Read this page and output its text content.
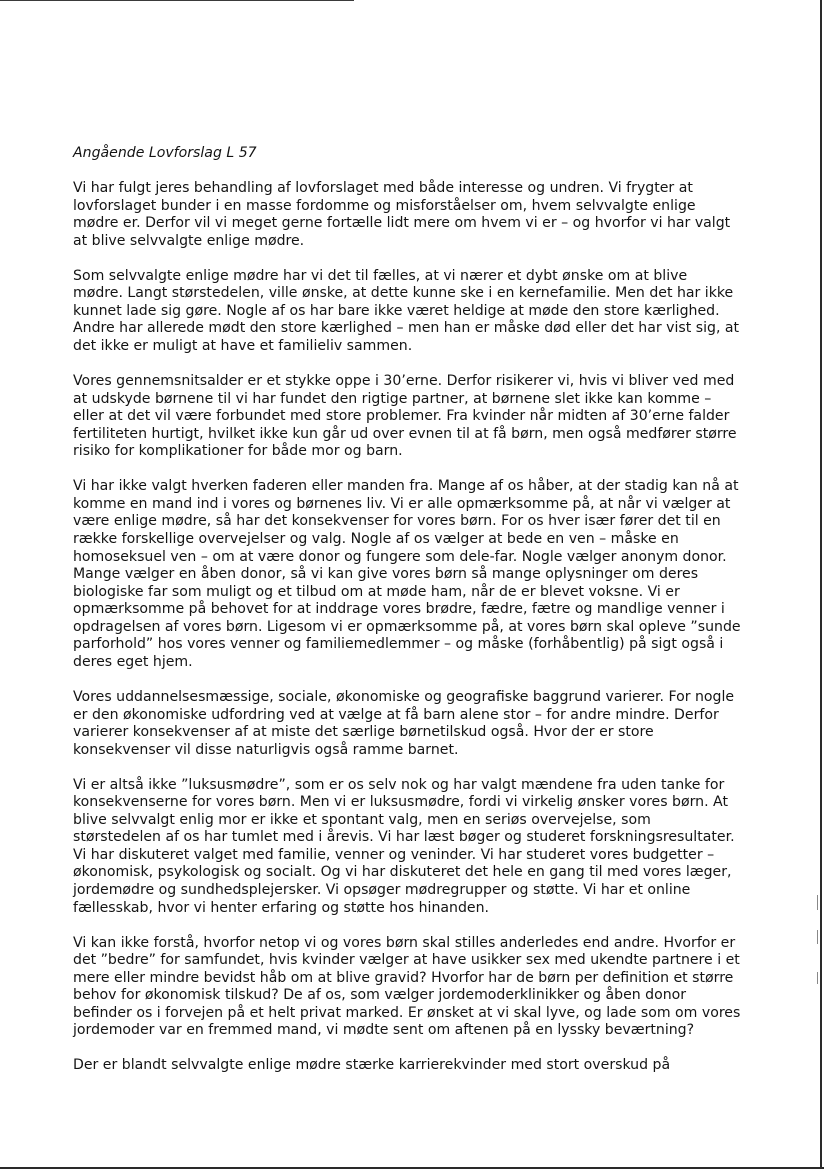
Angående Lovforslag L 57

Vi har fulgt jeres behandling af lovforslaget med både interesse og undren. Vi frygter at lovforslaget bunder i en masse fordomme og misforståelser om, hvem selvvalgte enlige mødre er. Derfor vil vi meget gerne fortælle lidt mere om hvem vi er – og hvorfor vi har valgt at blive selvvalgte enlige mødre.

Som selvvalgte enlige mødre har vi det til fælles, at vi nærer et dybt ønske om at blive mødre. Langt størstedelen, ville ønske, at dette kunne ske i en kernefamilie. Men det har ikke kunnet lade sig gøre. Nogle af os har bare ikke været heldige at møde den store kærlighed. Andre har allerede mødt den store kærlighed – men han er måske død eller det har vist sig, at det ikke er muligt at have et familieliv sammen.

Vores gennemsnitsalder er et stykke oppe i 30’erne. Derfor risikerer vi, hvis vi bliver ved med at udskyde børnene til vi har fundet den rigtige partner, at børnene slet ikke kan komme – eller at det vil være forbundet med store problemer. Fra kvinder når midten af 30’erne falder fertiliteten hurtigt, hvilket ikke kun går ud over evnen til at få børn, men også medfører større risiko for komplikationer for både mor og barn.

Vi har ikke valgt hverken faderen eller manden fra. Mange af os håber, at der stadig kan nå at komme en mand ind i vores og børnenes liv. Vi er alle opmærksomme på, at når vi vælger at være enlige mødre, så har det konsekvenser for vores børn. For os hver især fører det til en række forskellige overvejelser og valg. Nogle af os vælger at bede en ven – måske en homoseksuel ven – om at være donor og fungere som dele-far. Nogle vælger anonym donor. Mange vælger en åben donor, så vi kan give vores børn så mange oplysninger om deres biologiske far som muligt og et tilbud om at møde ham, når de er blevet voksne. Vi er opmærksomme på behovet for at inddrage vores brødre, fædre, fætre og mandlige venner i opdragelsen af vores børn. Ligesom vi er opmærksomme på, at vores børn skal opleve ”sunde parforhold” hos vores venner og familiemedlemmer – og måske (forhåbentlig) på sigt også i deres eget hjem.

Vores uddannelsesmæssige, sociale, økonomiske og geografiske baggrund varierer. For nogle er den økonomiske udfordring ved at vælge at få barn alene stor – for andre mindre. Derfor varierer konsekvenser af at miste det særlige børnetilskud også. Hvor der er store konsekvenser vil disse naturligvis også ramme barnet.

Vi er altså ikke ”luksusmødre”, som er os selv nok og har valgt mændene fra uden tanke for konsekvenserne for vores børn. Men vi er luksusmødre, fordi vi virkelig ønsker vores børn. At blive selvvalgt enlig mor er ikke et spontant valg, men en seriøs overvejelse, som størstedelen af os har tumlet med i årevis. Vi har læst bøger og studeret forskningsresultater. Vi har diskuteret valget med familie, venner og veninder. Vi har studeret vores budgetter – økonomisk, psykologisk og socialt. Og vi har diskuteret det hele en gang til med vores læger, jordemødre og sundhedsplejersker. Vi opsøger mødregrupper og støtte. Vi har et online fællesskab, hvor vi henter erfaring og støtte hos hinanden.

Vi kan ikke forstå, hvorfor netop vi og vores børn skal stilles anderledes end andre. Hvorfor er det ”bedre” for samfundet, hvis kvinder vælger at have usikker sex med ukendte partnere i et mere eller mindre bevidst håb om at blive gravid? Hvorfor har de børn per definition et større behov for økonomisk tilskud? De af os, som vælger jordemoderklinikker og åben donor befinder os i forvejen på et helt privat marked. Er ønsket at vi skal lyve, og lade som om vores jordemoder var en fremmed mand, vi mødte sent om aftenen på en lyssky beværtning?

Der er blandt selvvalgte enlige mødre stærke karrierekvinder med stort overskud på
